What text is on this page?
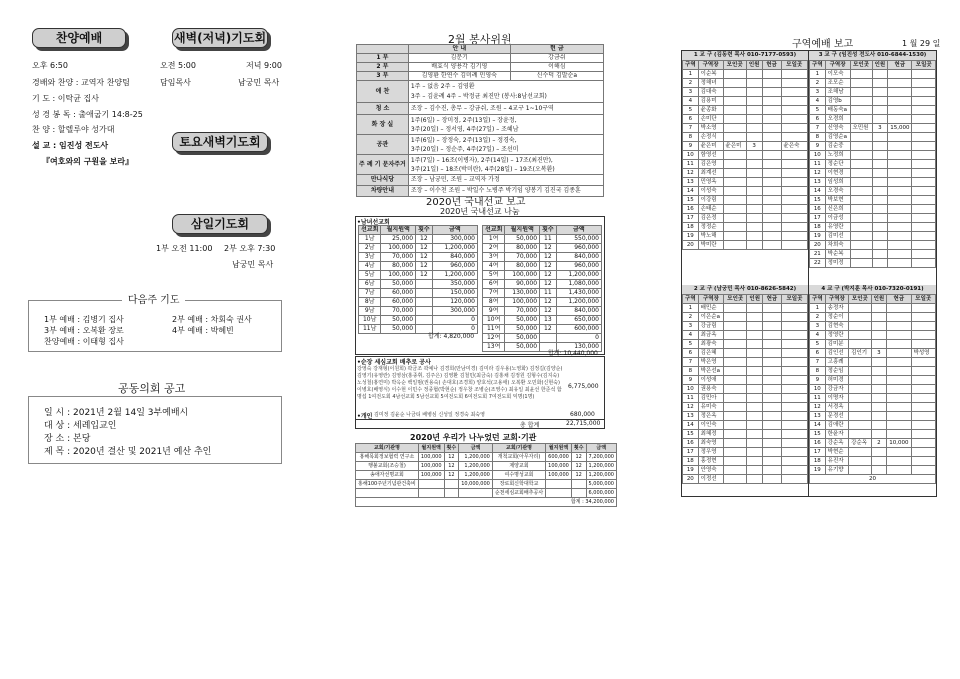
찬양예배	새벽(저녁)기도회
오후 6:50	오전 5:00	저녁 9:00
경배와 찬양 : 교역자 찬양팀
기 도 : 이탁균 집사
성 경 봉 독 : 출애굽기 14:8-25
찬 양 : 할렐루야 성가대
설 교 : 임진성 전도사
『여호와의 구원을 보라』
담임목사	남궁민 목사
토요새벽기도회
삼일기도회
1부 오전 11:00 2부 오후 7:30
남궁민 목사
다음주 기도
1부 예배 : 김병기 집사	2부 예배 : 차회숙 권사
3부 예배 : 오복환 장로	4부 예배 : 박혜빈
찬양예배 : 이태형 집사
공동의회 공고
일 시 : 2021년 2월 14일 3부예배시
대 상 : 세례입교인
장 소 : 본당
제 목 : 2020년 결산 및 2021년 예산 추인
2월 봉사위원
	안 내	헌 금
1 부	김문기	강금쉬
2 부	배효식 양용각 김기영	이해심
3 부	김영환 한연수 김미례 민영숙	신수덕 김말순a
애 찬	1주 – 없음 2주 – 김영환
3주 – 김윤례 4주 – 박정균 최진만 (봉사:8남선교회)	

청 소	조장 – 김수진, 총무 – 강금쉬, 조원 – 4교구 1~10구역	
화 장 실	1주(6일) – 장미정, 2주(13일) – 장윤정,
3주(20일) – 정서영, 4주(27일) – 조혜남	

공관	1주(6일) – 장정숙, 2주(13일) – 정경숙,
3주(20일) – 정순주, 4주(27일) – 조선미	

주 례 기 문자주거	1주(7일) – 16조(이병자), 2주(14일) – 17조(최진만),
3주(21일) – 18조(박미란), 4주(28일) – 19조(오복환)	

만나식당	조장 – 남궁민, 조원 – 교역자 가정	
차량안내	조장 – 이수천 조원 – 박일수 노병주 박기임 양봉기 김진국 김종훈	
2020년 국내선교 보고
2020년 국내선교 나눔
•남녀선교회
선교회	월지원액	횟수	금액
1남	25,000	12	300,000
2남	100,000	12	1,200,000
3남	70,000	12	840,000
4남	80,000	12	960,000
5남	100,000	12	1,200,000
6남	50,000		350,000
7남	60,000		150,000
8남	60,000		120,000
9남	70,000		300,000
10남	50,000		0
11남	50,000		0
선교회	월지원액	횟수	금액
1여	50,000	11	550,000
2여	80,000	12	960,000
3여	70,000	12	840,000
4여	80,000	12	960,000
5여	100,000	12	1,200,000
6여	90,000	12	1,080,000
7여	130,000	11	1,430,000
8여	100,000	12	1,200,000
9여	70,000	12	840,000
10여	50,000	13	650,000
11여	50,000	12	600,000
12여	50,000		0
13여	50,000		130,000
합계: 4,820,000
합계: 10,440,000
•순장 세심교회 배추로 공사
강영숙 강재형(이원희) 곽금조 곽예나 김경희(만남미경) 김미라 김우용(노영화) 김정길(김양순) 김영기(유영란) 김영삼(홍종휘, 김주은) 김영환 김철민(최금숙) 김홍채 김정원 김형수(김지숙) 노성철(홍연미) 박옥순 백일범(권용숙) 손대호(조경희) 양호석(고용애) 오복환 오민화(신현숙) 이병호(배영식) 이수현 이민수 정종협(박현순) 정우창 조병순(조영수) 최유일 최윤선 한준석 함명섭 1여전도회 4남선교회 5남선교회 5여전도회 6여전도회 7여전도회 익명(1명)
6,775,000
•개인 김미정 김윤순 나금티 배병심 신성일 정경숙 최숙영	680,000
총 합계	22,715,000
2020년 우리가 나누었던 교회·기관
교회/기관명	월지원액	횟수	금액	교회/기관명	월지원액	횟수	금액
홍해목회정보협력 연구소	100,000	12	1,200,000	개척교회(아무자리)	600,000	12	7,200,000
행불교회(조승철)	100,000	12	1,200,000	제양교회	100,000	12	1,200,000
송애자선명교회	100,000	12	1,200,000	여수명성교회	100,000	12	1,200,000
홍해100주년기념관건축비			10,000,000	장로회신학대학교			5,000,000
				순천세심교회배추공사			6,000,000
합계 : 34,200,000							
구역예배 보고	1 월 29 일
1 교 구 (김동련 목사 010-7177-0593)	3 교 구 (임진성 전도사 010-6844-1530)
구역	구역장	모인곳	인원	헌금	모일곳
1	이순복				
2	정해녀				
3	김대숙				
4	김용미				
5	윤종화				
6	손미단				
7	박소영				
8	손정식				
9	윤은미	윤은미	3		윤은숙
10	함영선				
11	김은영				
12	최계선				
13	민영옥				
14	이성숙				
15	이강림				
16	손태순				
17	김은정				
18	정정순				
19	박노해				
20	박미란				
구역	구역장	모인곳	인원	헌금	모일곳
1	이모숙				
2	조모순				
3	조해남				
4	김영b				
5	배동숙a				
6	오경희				
7	신영숙	오민원	3	15,000	
8	김영순a				
9	김순중				
10	노정희				
11	정순단				
12	이현경				
13	임성희				
14	오경숙				
15	박보현				
16	신은희				
17	이금성				
18	유영란				
19	김미선				
20	차희숙				
21	박순복				
22	정미정				
2 교 구 (남궁민 목사 010-8626-5842)	4 교 구 (박지훈 목사 010-7320-0191)
구역	구역장	모인곳	인원	헌금	모일곳
1	배민순				
2	이은순a				
3	강금림				
4	최금옥				
5	최광숙				
6	김은혜				
7	박은영				
8	박은선a				
9	이성애				
10	권용숙				
11	김민아				
12	유미숙				
13	정은옥				
14	이인숙				
15	최혜정				
16	최숙영				
17	정우영				
18	홍정현				
19	안영숙				
20	이정선				
구역	구역장	모인곳	인원	헌금	모일곳
1	송정자				
2	정순이				
3	김현숙				
4	정영란				
5	김미분				
6	김인선	김인기	3		박성영
7	고흥례				
8	정순임				
9	허미경				
10	강금자				
11	이명자				
12	서경옥				
13	문경선				
14	김애란				
15	한윤자				
16	강순옥	강순옥	2	10,000	
17	박현순				
18	유진자				
19	유기향				
20					
